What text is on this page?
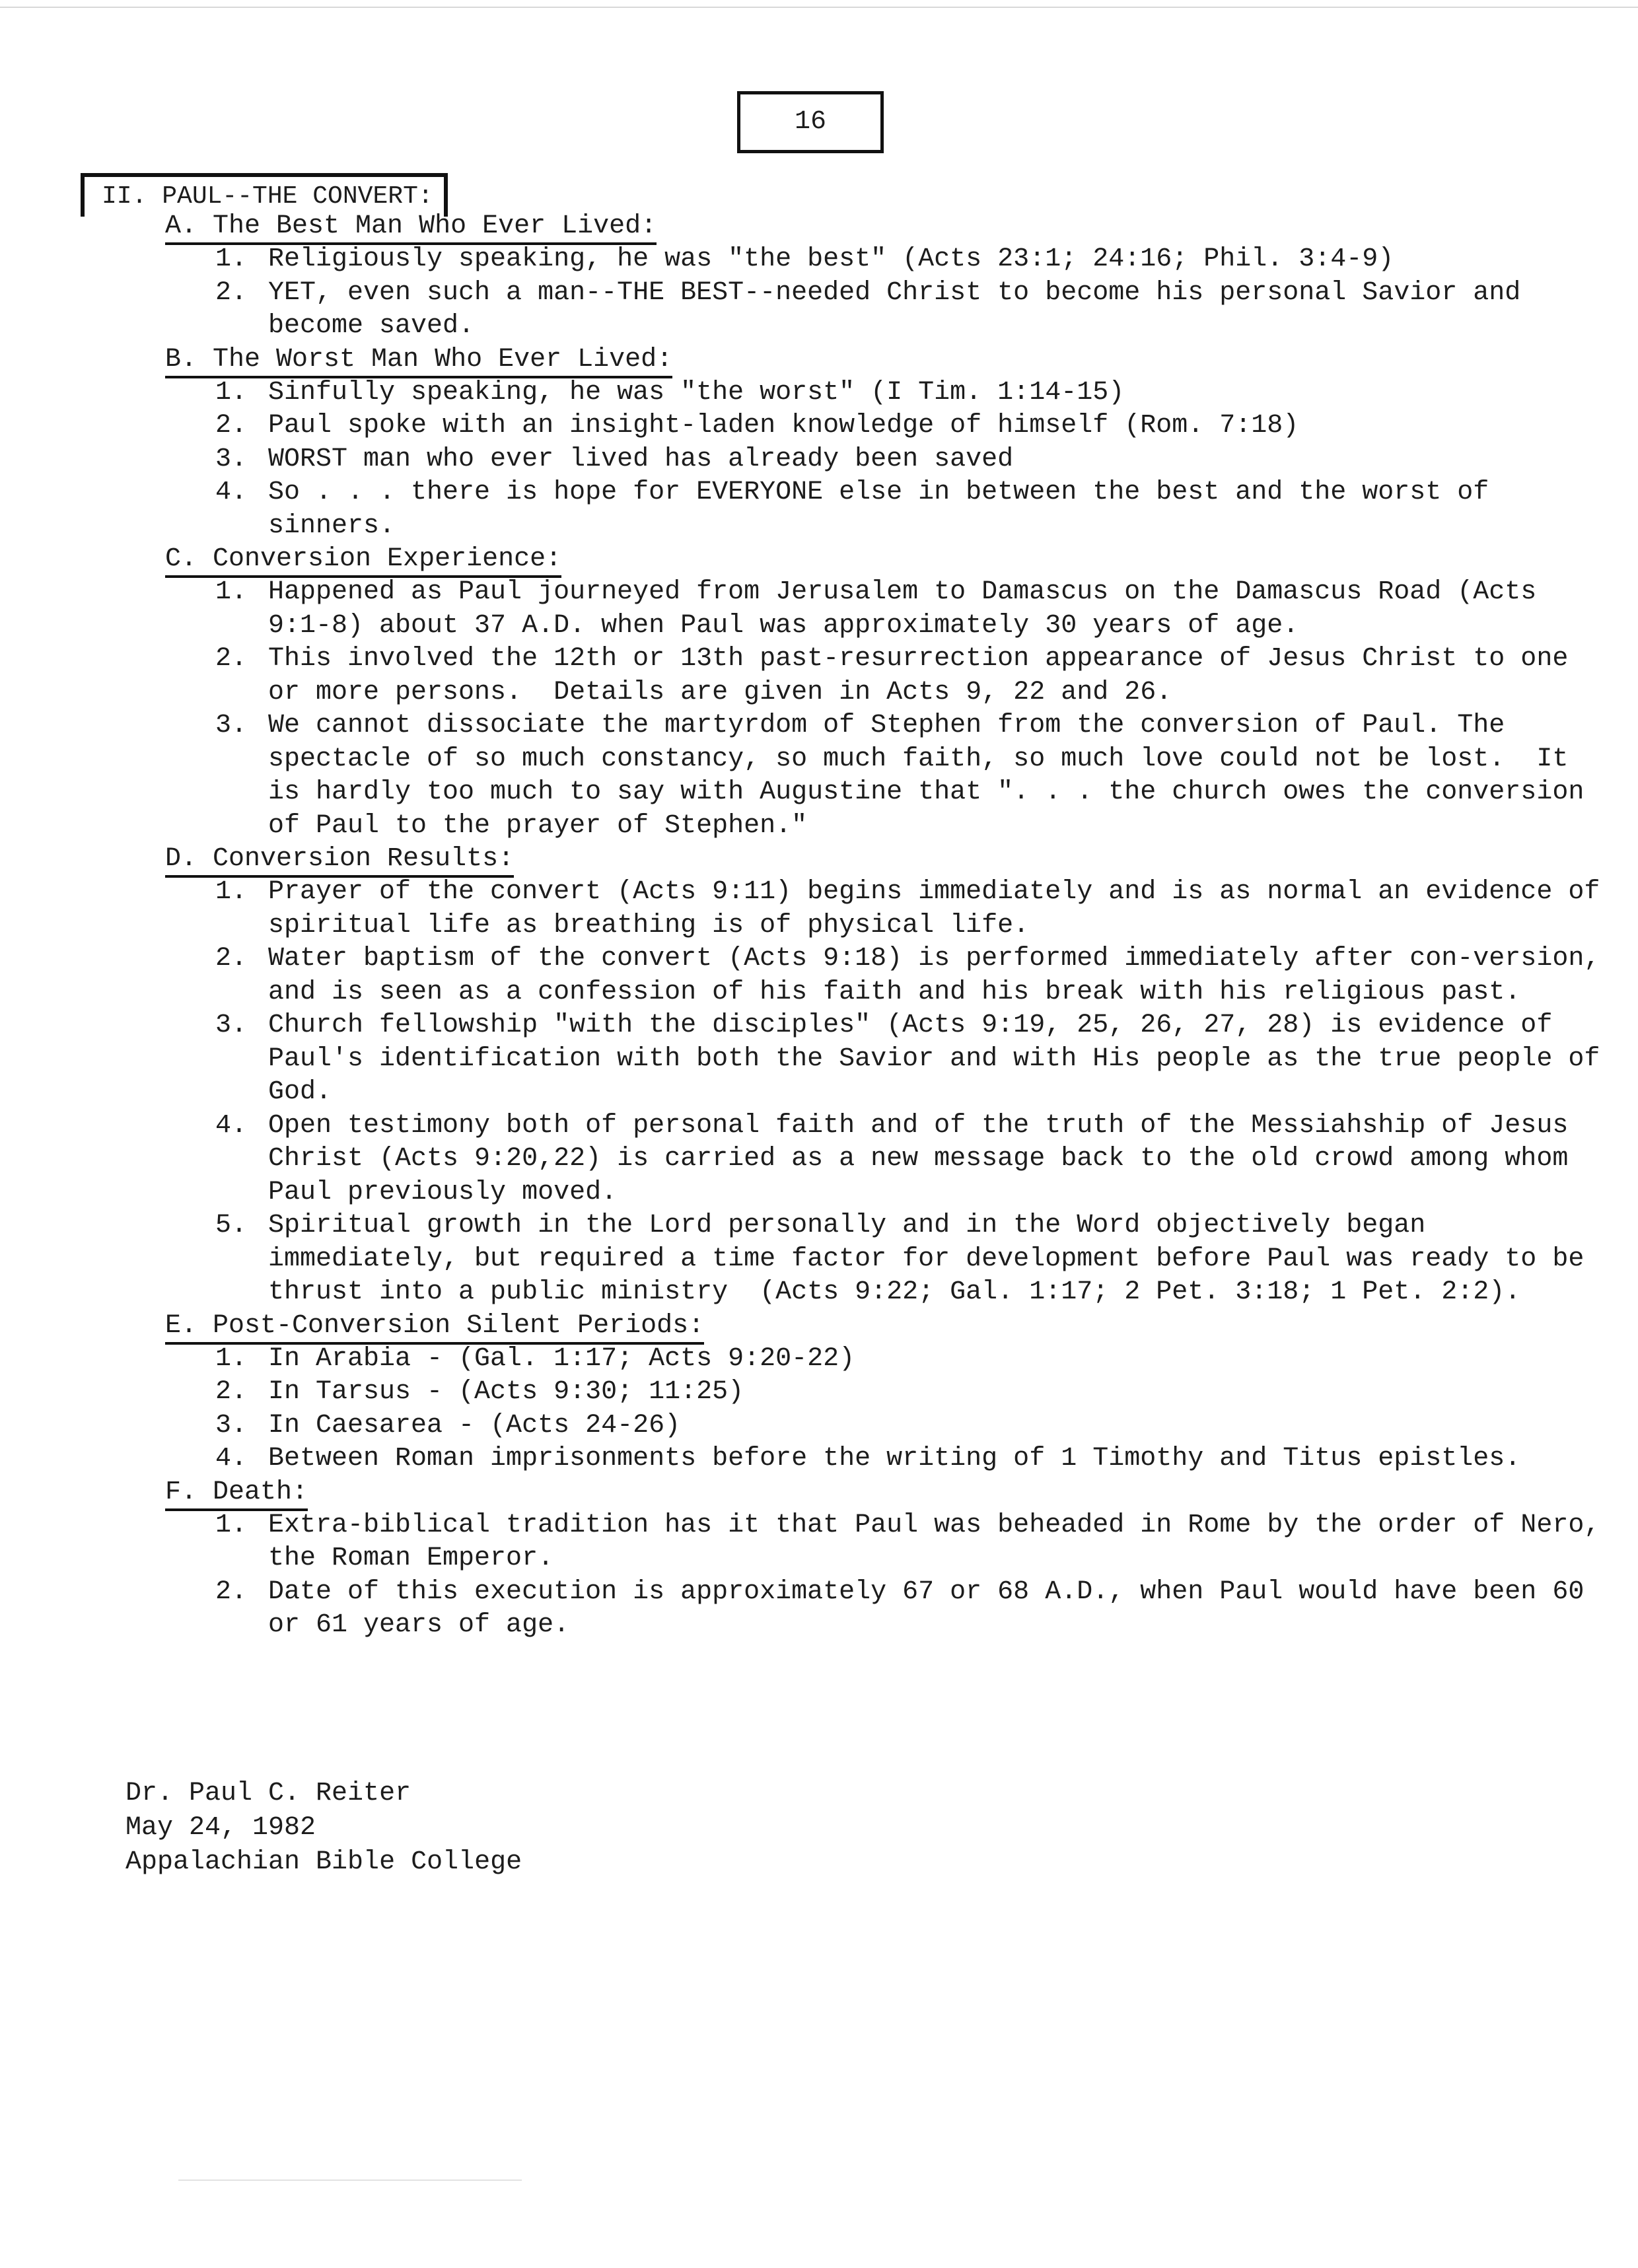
16
II. PAUL--THE CONVERT:
A. The Best Man Who Ever Lived:
1. Religiously speaking, he was "the best" (Acts 23:1; 24:16; Phil. 3:4-9)
2. YET, even such a man--THE BEST--needed Christ to become his personal Savior and become saved.
B. The Worst Man Who Ever Lived:
1. Sinfully speaking, he was "the worst" (I Tim. 1:14-15)
2. Paul spoke with an insight-laden knowledge of himself (Rom. 7:18)
3. WORST man who ever lived has already been saved
4. So . . . there is hope for EVERYONE else in between the best and the worst of sinners.
C. Conversion Experience:
1. Happened as Paul journeyed from Jerusalem to Damascus on the Damascus Road (Acts 9:1-8) about 37 A.D. when Paul was approximately 30 years of age.
2. This involved the 12th or 13th past-resurrection appearance of Jesus Christ to one or more persons.  Details are given in Acts 9, 22 and 26.
3. We cannot dissociate the martyrdom of Stephen from the conversion of Paul. The spectacle of so much constancy, so much faith, so much love could not be lost.  It is hardly too much to say with Augustine that ". . . the church owes the conversion of Paul to the prayer of Stephen."
D. Conversion Results:
1. Prayer of the convert (Acts 9:11) begins immediately and is as normal an evidence of spiritual life as breathing is of physical life.
2. Water baptism of the convert (Acts 9:18) is performed immediately after con-version, and is seen as a confession of his faith and his break with his religious past.
3. Church fellowship "with the disciples" (Acts 9:19, 25, 26, 27, 28) is evidence of Paul's identification with both the Savior and with His people as the true people of God.
4. Open testimony both of personal faith and of the truth of the Messiahship of Jesus Christ (Acts 9:20,22) is carried as a new message back to the old crowd among whom Paul previously moved.
5. Spiritual growth in the Lord personally and in the Word objectively began immediately, but required a time factor for development before Paul was ready to be thrust into a public ministry  (Acts 9:22; Gal. 1:17; 2 Pet. 3:18; 1 Pet. 2:2).
E. Post-Conversion Silent Periods:
1. In Arabia - (Gal. 1:17; Acts 9:20-22)
2. In Tarsus - (Acts 9:30; 11:25)
3. In Caesarea - (Acts 24-26)
4. Between Roman imprisonments before the writing of 1 Timothy and Titus epistles.
F. Death:
1. Extra-biblical tradition has it that Paul was beheaded in Rome by the order of Nero, the Roman Emperor.
2. Date of this execution is approximately 67 or 68 A.D., when Paul would have been 60 or 61 years of age.
Dr. Paul C. Reiter
May 24, 1982
Appalachian Bible College
